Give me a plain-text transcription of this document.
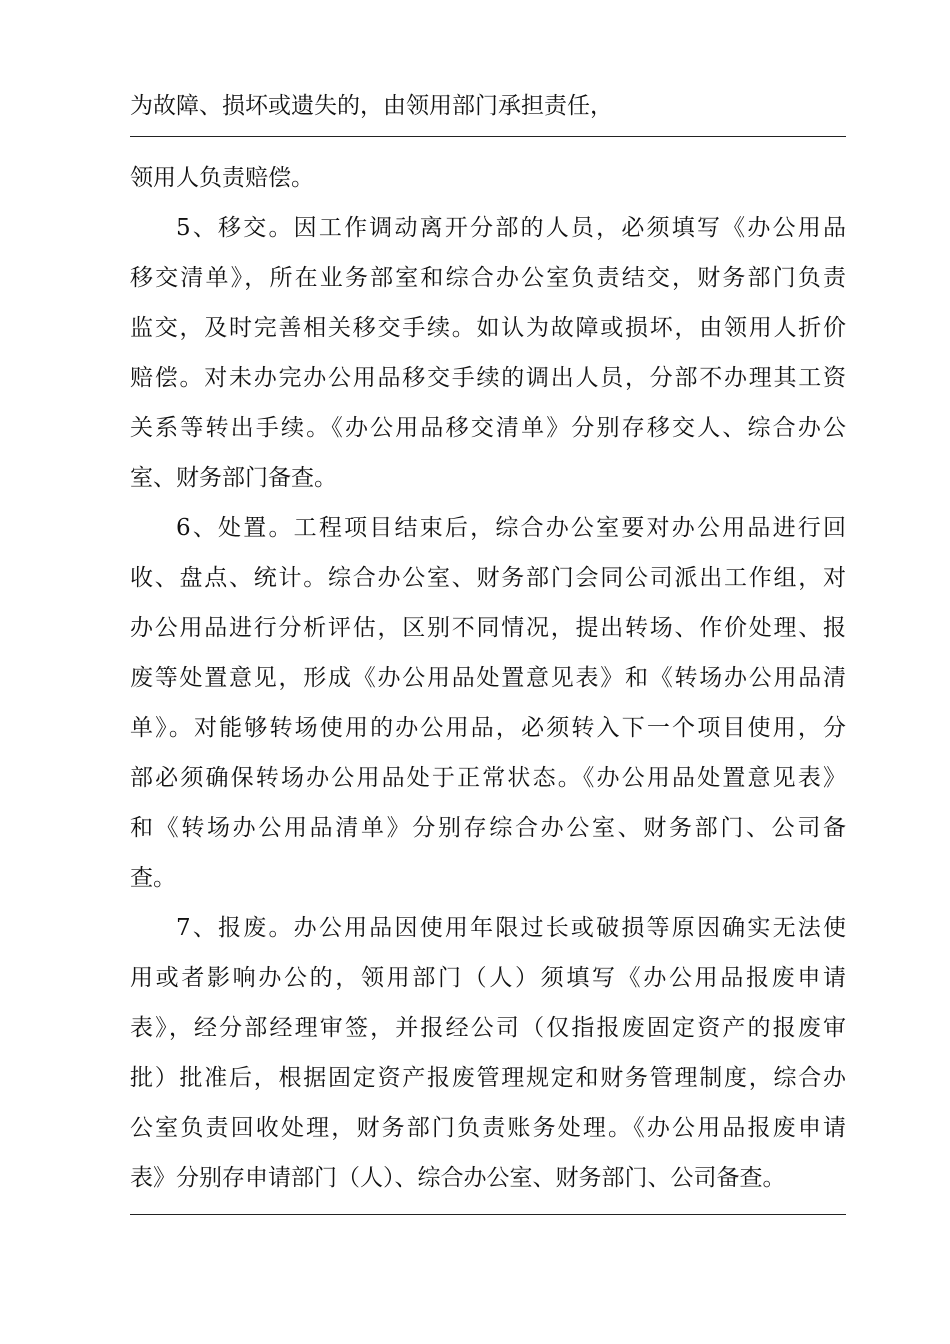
为故障、损坏或遗失的，由领用部门承担责任，
领用人负责赔偿。
5、移交。因工作调动离开分部的人员，必须填写《办公用品
移交清单》，所在业务部室和综合办公室负责结交，财务部门负责
监交，及时完善相关移交手续。如认为故障或损坏，由领用人折价
赔偿。对未办完办公用品移交手续的调出人员，分部不办理其工资
关系等转出手续。《办公用品移交清单》分别存移交人、综合办公
室、财务部门备查。
6、处置。工程项目结束后，综合办公室要对办公用品进行回
收、盘点、统计。综合办公室、财务部门会同公司派出工作组，对
办公用品进行分析评估，区别不同情况，提出转场、作价处理、报
废等处置意见，形成《办公用品处置意见表》和《转场办公用品清
单》。对能够转场使用的办公用品，必须转入下一个项目使用，分
部必须确保转场办公用品处于正常状态。《办公用品处置意见表》
和《转场办公用品清单》分别存综合办公室、财务部门、公司备
查。
7、报废。办公用品因使用年限过长或破损等原因确实无法使
用或者影响办公的，领用部门（人）须填写《办公用品报废申请
表》，经分部经理审签，并报经公司（仅指报废固定资产的报废审
批）批准后，根据固定资产报废管理规定和财务管理制度，综合办
公室负责回收处理，财务部门负责账务处理。《办公用品报废申请
表》分别存申请部门（人）、综合办公室、财务部门、公司备查。
